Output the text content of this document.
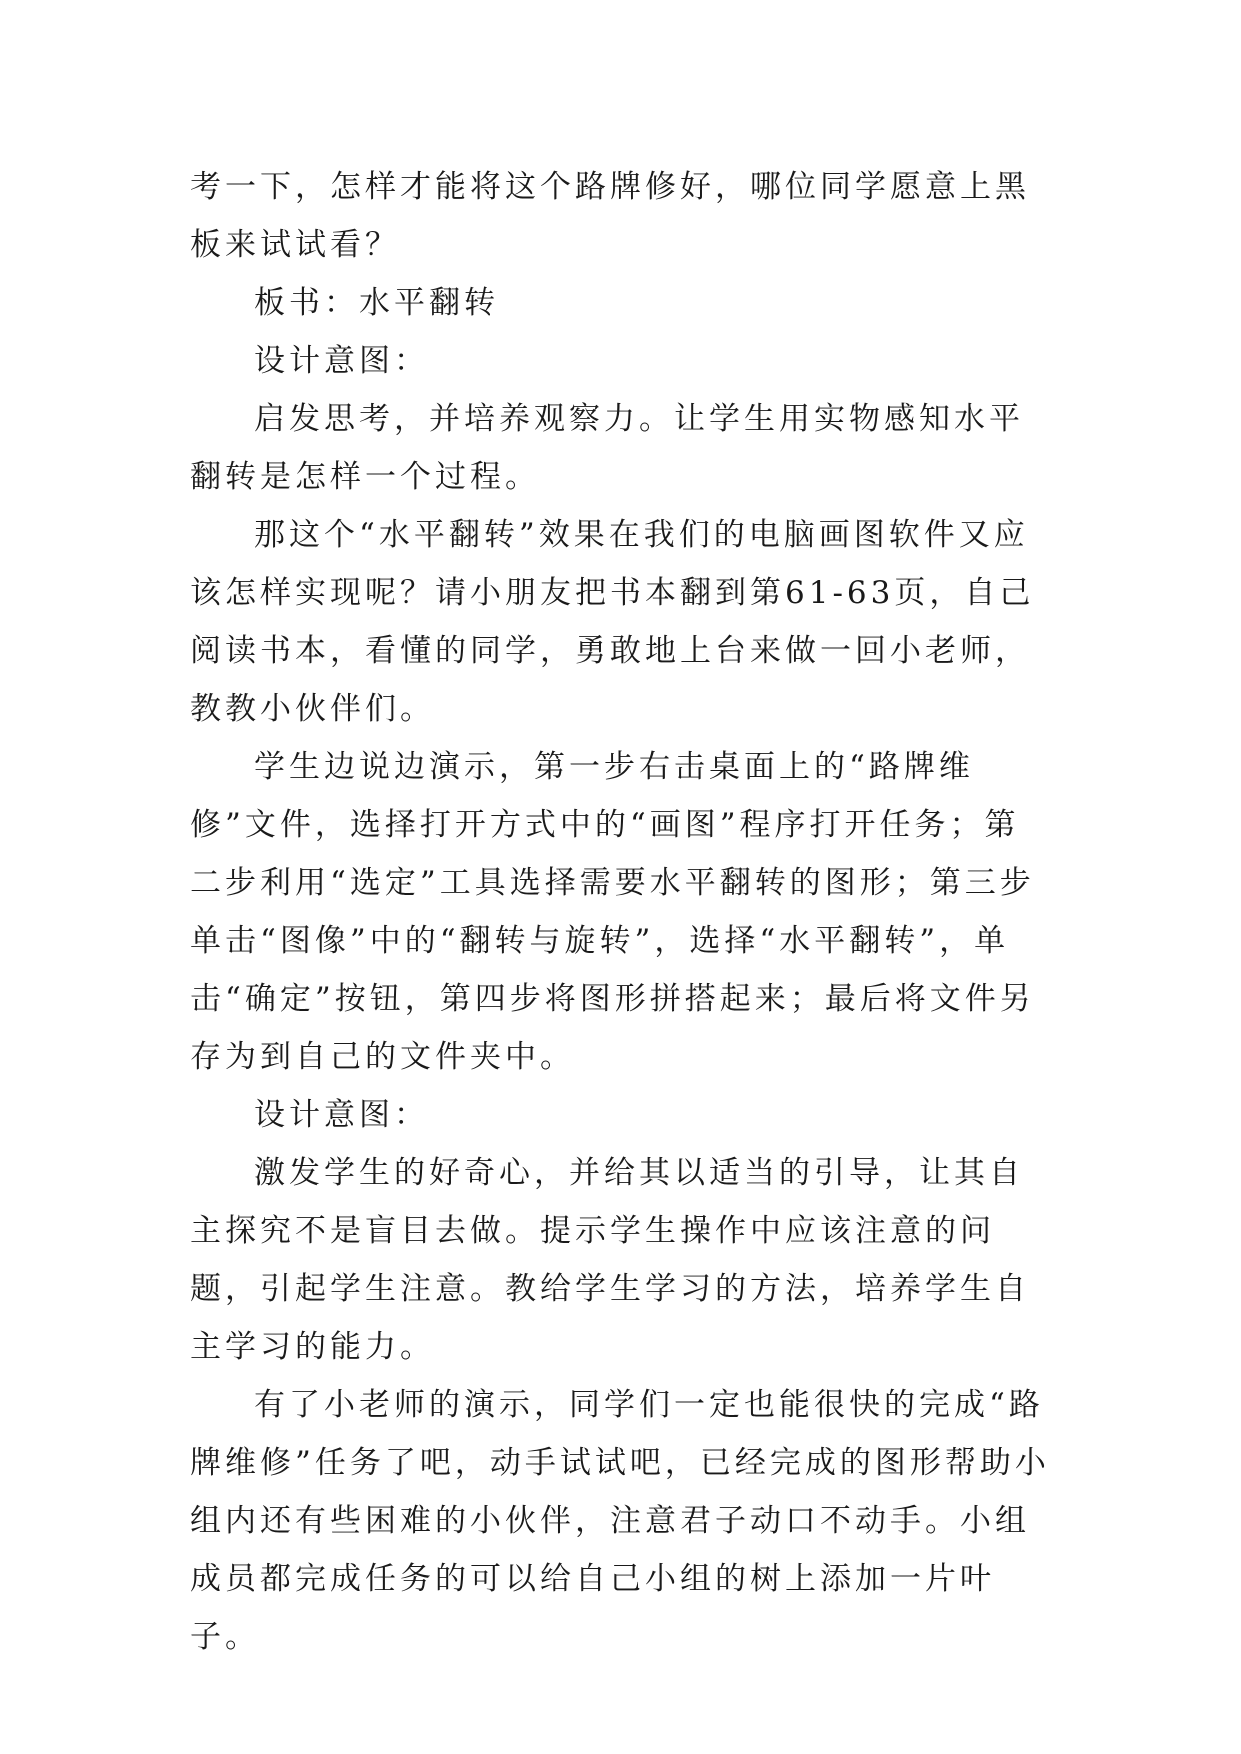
考一下，怎样才能将这个路牌修好，哪位同学愿意上黑板来试试看？

板书：水平翻转

设计意图：

启发思考，并培养观察力。让学生用实物感知水平翻转是怎样一个过程。

那这个“水平翻转”效果在我们的电脑画图软件又应该怎样实现呢？请小朋友把书本翻到第61-63页，自己阅读书本，看懂的同学，勇敢地上台来做一回小老师，教教小伙伴们。

学生边说边演示，第一步右击桌面上的“路牌维修”文件，选择打开方式中的“画图”程序打开任务；第二步利用“选定”工具选择需要水平翻转的图形；第三步单击“图像”中的“翻转与旋转”，选择“水平翻转”，单击“确定”按钮，第四步将图形拼搭起来；最后将文件另存为到自己的文件夹中。

设计意图：

激发学生的好奇心，并给其以适当的引导，让其自主探究不是盲目去做。提示学生操作中应该注意的问题，引起学生注意。教给学生学习的方法，培养学生自主学习的能力。

有了小老师的演示，同学们一定也能很快的完成“路牌维修”任务了吧，动手试试吧，已经完成的图形帮助小组内还有些困难的小伙伴，注意君子动口不动手。小组成员都完成任务的可以给自己小组的树上添加一片叶子。
